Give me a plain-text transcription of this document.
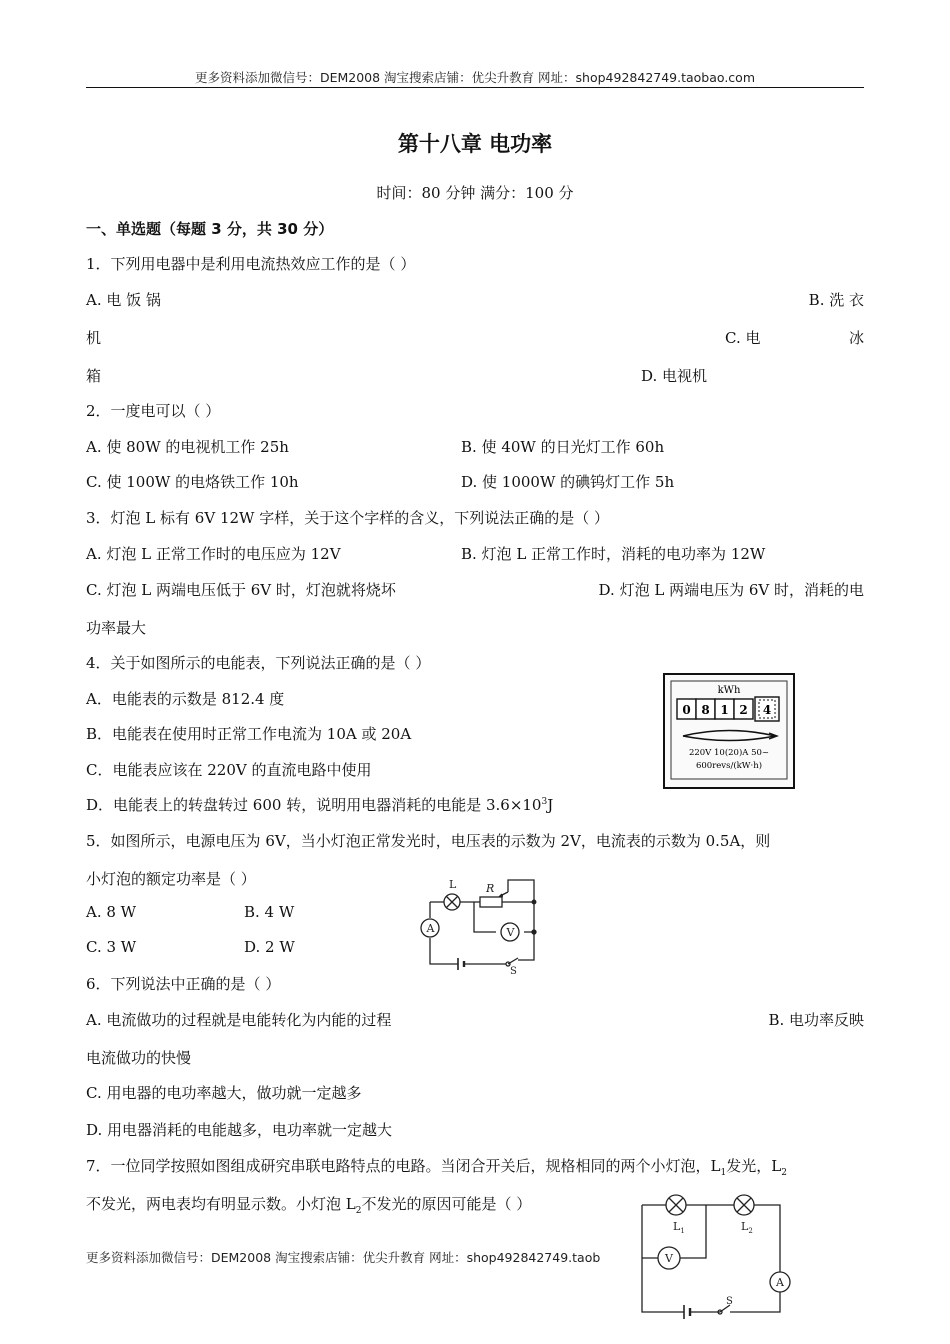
更多资料添加微信号：DEM2008 淘宝搜索店铺：优尖升教育 网址：shop492842749.taobao.com
第十八章 电功率
时间：80 分钟 满分：100 分
一、单选题（每题 3 分，共 30 分）
1．下列用电器中是利用电流热效应工作的是（ ）
A. 电 饭 锅	B. 洗 衣
机	C. 电	冰
箱	D. 电视机
2．一度电可以（ ）
A. 使 80W 的电视机工作 25h	B. 使 40W 的日光灯工作 60h
C. 使 100W 的电烙铁工作 10h	D. 使 1000W 的碘钨灯工作 5h
3．灯泡 L 标有 6V 12W 字样，关于这个字样的含义，下列说法正确的是（ ）
A. 灯泡 L 正常工作时的电压应为 12V	B. 灯泡 L 正常工作时，消耗的电功率为 12W
C. 灯泡 L 两端电压低于 6V 时，灯泡就将烧坏	D. 灯泡 L 两端电压为 6V 时，消耗的电
功率最大
4．关于如图所示的电能表，下列说法正确的是（ ）
A．电能表的示数是 812.4 度
B．电能表在使用时正常工作电流为 10A 或 20A
C．电能表应该在 220V 的直流电路中使用
D．电能表上的转盘转过 600 转，说明用电器消耗的电能是 $3.6\times 10^3J$
kWh
0 8 1 2 4
220V 10(20)A 50~
600revs/(kW·h)
5．如图所示，电源电压为 6V，当小灯泡正常发光时，电压表的示数为 2V，电流表的示数为 0.5A，则
小灯泡的额定功率是（ ）
A. 8 W	B. 4 W
C. 3 W	D. 2 W
A	V
L	R
S
6．下列说法中正确的是（ ）
A. 电流做功的过程就是电能转化为内能的过程	B. 电功率反映
电流做功的快慢
C. 用电器的电功率越大，做功就一定越多
D. 用电器消耗的电能越多，电功率就一定越大
7．一位同学按照如图组成研究串联电路特点的电路。当闭合开关后，规格相同的两个小灯泡，$L_1$发光，$L_2$
不发光，两电表均有明显示数。小灯泡 $L_2$不发光的原因可能是（ ）
$L_1$	$L_2$
V
A
S
更多资料添加微信号：DEM2008 淘宝搜索店铺：优尖升教育 网址：shop492842749.taob
